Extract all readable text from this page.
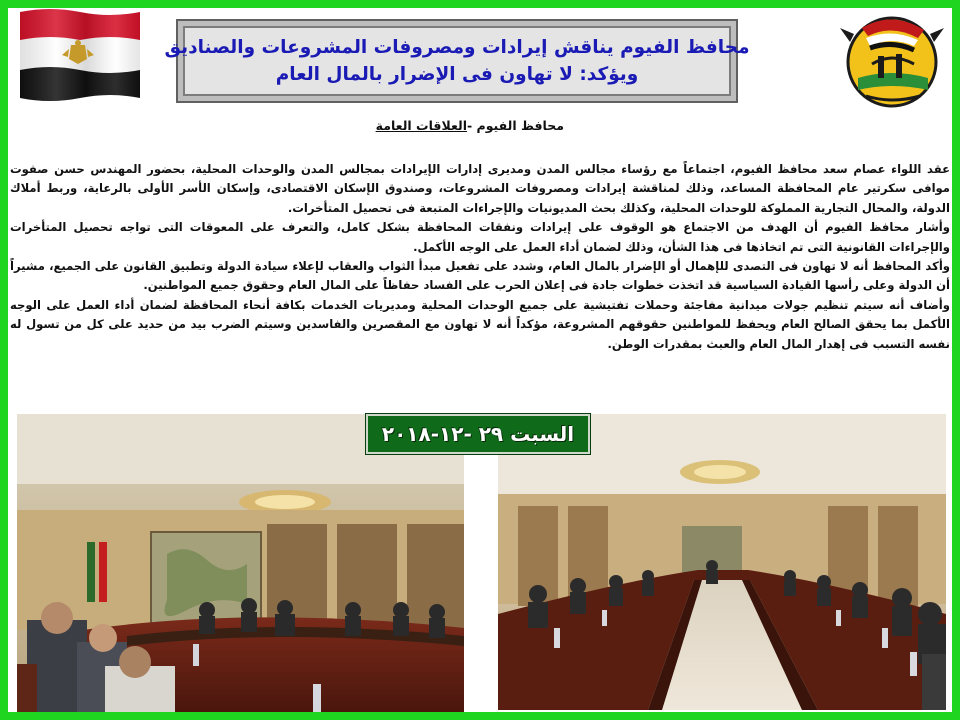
محافظ الفيوم يناقش إيرادات ومصروفات المشروعات والصناديق
ويؤكد: لا تهاون فى الإضرار بالمال العام
محافظ الفيوم -العلاقات العامة

عقد اللواء عصام سعد محافظ الفيوم، اجتماعاً مع رؤساء مجالس المدن ومديرى إدارات الإيرادات بمجالس المدن والوحدات المحلية، بحضور المهندس حسن صفوت موافى سكرتير عام المحافظة المساعد، وذلك لمناقشة إيرادات ومصروفات المشروعات، وصندوق الإسكان الاقتصادى، وإسكان الأسر الأولى بالرعاية، وربط أملاك الدولة، والمحال التجارية المملوكة للوحدات المحلية، وكذلك بحث المديونيات والإجراءات المتبعة فى تحصيل المتأخرات.

وأشار محافظ الفيوم أن الهدف من الاجتماع هو الوقوف على إيرادات ونفقات المحافظة بشكل كامل، والتعرف على المعوقات التى تواجه تحصيل المتأخرات والإجراءات القانونية التى تم اتخاذها فى هذا الشأن، وذلك لضمان أداء العمل على الوجه الأكمل.

وأكد المحافظ أنه لا تهاون فى التصدى للإهمال أو الإضرار بالمال العام، وشدد على تفعيل مبدأ الثواب والعقاب لإعلاء سيادة الدولة وتطبيق القانون على الجميع، مشيراً أن الدولة وعلى رأسها القيادة السياسية قد اتخذت خطوات جادة فى إعلان الحرب على الفساد حفاظاً على المال العام وحقوق جميع المواطنين.

وأضاف أنه سيتم تنظيم جولات ميدانية مفاجئة وحملات تفتيشية على جميع الوحدات المحلية ومديريات الخدمات بكافة أنحاء المحافظة لضمان أداء العمل على الوجه الأكمل بما يحقق الصالح العام ويحفظ للمواطنين حقوقهم المشروعة، مؤكداً أنه لا تهاون مع المقصرين والفاسدين وسيتم الضرب بيد من حديد على كل من تسول له نفسه التسبب فى إهدار المال العام والعبث بمقدرات الوطن.

السبت ٢٩ -١٢-٢٠١٨
